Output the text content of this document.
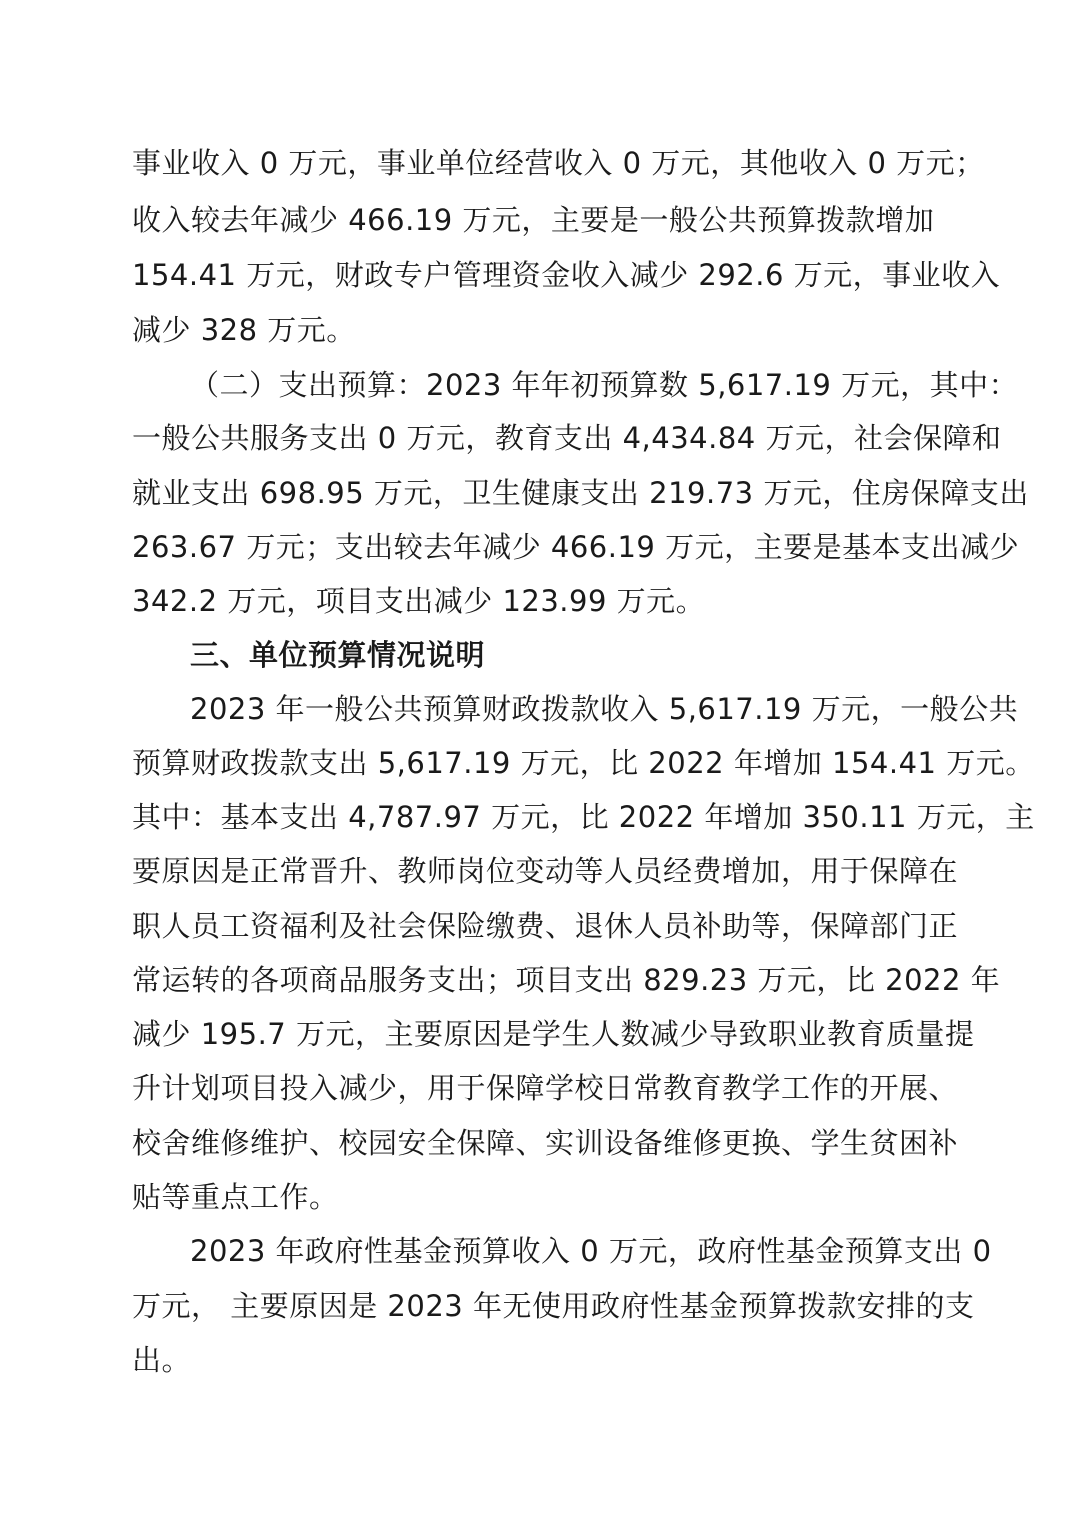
事业收入 0 万元，事业单位经营收入 0 万元，其他收入 0 万元；
收入较去年减少 466.19 万元，主要是一般公共预算拨款增加
154.41 万元，财政专户管理资金收入减少 292.6 万元，事业收入
减少 328 万元。
（二）支出预算：2023 年年初预算数 5,617.19 万元，其中：
一般公共服务支出 0 万元，教育支出 4,434.84 万元，社会保障和
就业支出 698.95 万元，卫生健康支出 219.73 万元，住房保障支出
263.67 万元；支出较去年减少 466.19 万元，主要是基本支出减少
342.2 万元，项目支出减少 123.99 万元。
三、单位预算情况说明
2023 年一般公共预算财政拨款收入 5,617.19 万元，一般公共
预算财政拨款支出 5,617.19 万元，比 2022 年增加 154.41 万元。
其中：基本支出 4,787.97 万元，比 2022 年增加 350.11 万元，主
要原因是正常晋升、教师岗位变动等人员经费增加，用于保障在
职人员工资福利及社会保险缴费、退休人员补助等，保障部门正
常运转的各项商品服务支出；项目支出 829.23 万元，比 2022 年
减少 195.7 万元，主要原因是学生人数减少导致职业教育质量提
升计划项目投入减少，用于保障学校日常教育教学工作的开展、
校舍维修维护、校园安全保障、实训设备维修更换、学生贫困补
贴等重点工作。
2023 年政府性基金预算收入 0 万元，政府性基金预算支出 0
万元， 主要原因是 2023 年无使用政府性基金预算拨款安排的支
出。
